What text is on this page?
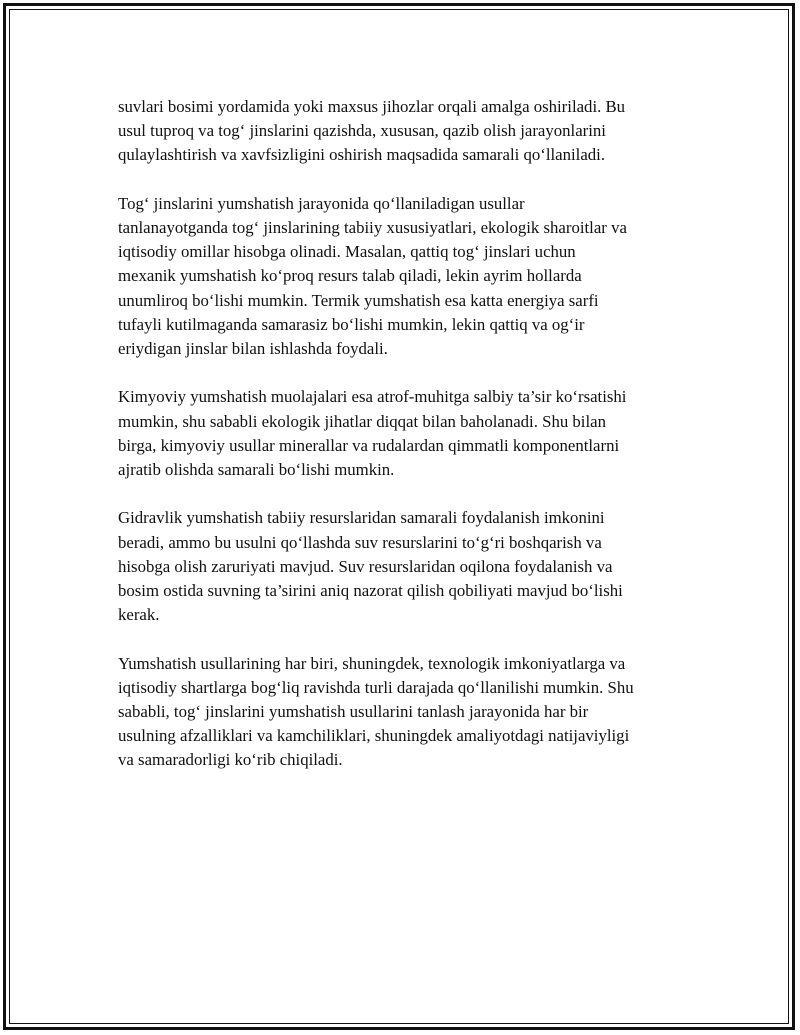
suvlari bosimi yordamida yoki maxsus jihozlar orqali amalga oshiriladi. Bu
usul tuproq va tog‘ jinslarini qazishda, xususan, qazib olish jarayonlarini
qulaylashtirish va xavfsizligini oshirish maqsadida samarali qo‘llaniladi.

Tog‘ jinslarini yumshatish jarayonida qo‘llaniladigan usullar
tanlanayotganda tog‘ jinslarining tabiiy xususiyatlari, ekologik sharoitlar va
iqtisodiy omillar hisobga olinadi. Masalan, qattiq tog‘ jinslari uchun
mexanik yumshatish ko‘proq resurs talab qiladi, lekin ayrim hollarda
unumliroq bo‘lishi mumkin. Termik yumshatish esa katta energiya sarfi
tufayli kutilmaganda samarasiz bo‘lishi mumkin, lekin qattiq va og‘ir
eriydigan jinslar bilan ishlashda foydali.

Kimyoviy yumshatish muolajalari esa atrof-muhitga salbiy ta’sir ko‘rsatishi
mumkin, shu sababli ekologik jihatlar diqqat bilan baholanadi. Shu bilan
birga, kimyoviy usullar minerallar va rudalardan qimmatli komponentlarni
ajratib olishda samarali bo‘lishi mumkin.

Gidravlik yumshatish tabiiy resurslaridan samarali foydalanish imkonini
beradi, ammo bu usulni qo‘llashda suv resurslarini to‘g‘ri boshqarish va
hisobga olish zaruriyati mavjud. Suv resurslaridan oqilona foydalanish va
bosim ostida suvning ta’sirini aniq nazorat qilish qobiliyati mavjud bo‘lishi
kerak.

Yumshatish usullarining har biri, shuningdek, texnologik imkoniyatlarga va
iqtisodiy shartlarga bog‘liq ravishda turli darajada qo‘llanilishi mumkin. Shu
sababli, tog‘ jinslarini yumshatish usullarini tanlash jarayonida har bir
usulning afzalliklari va kamchiliklari, shuningdek amaliyotdagi natijaviyligi
va samaradorligi ko‘rib chiqiladi.
